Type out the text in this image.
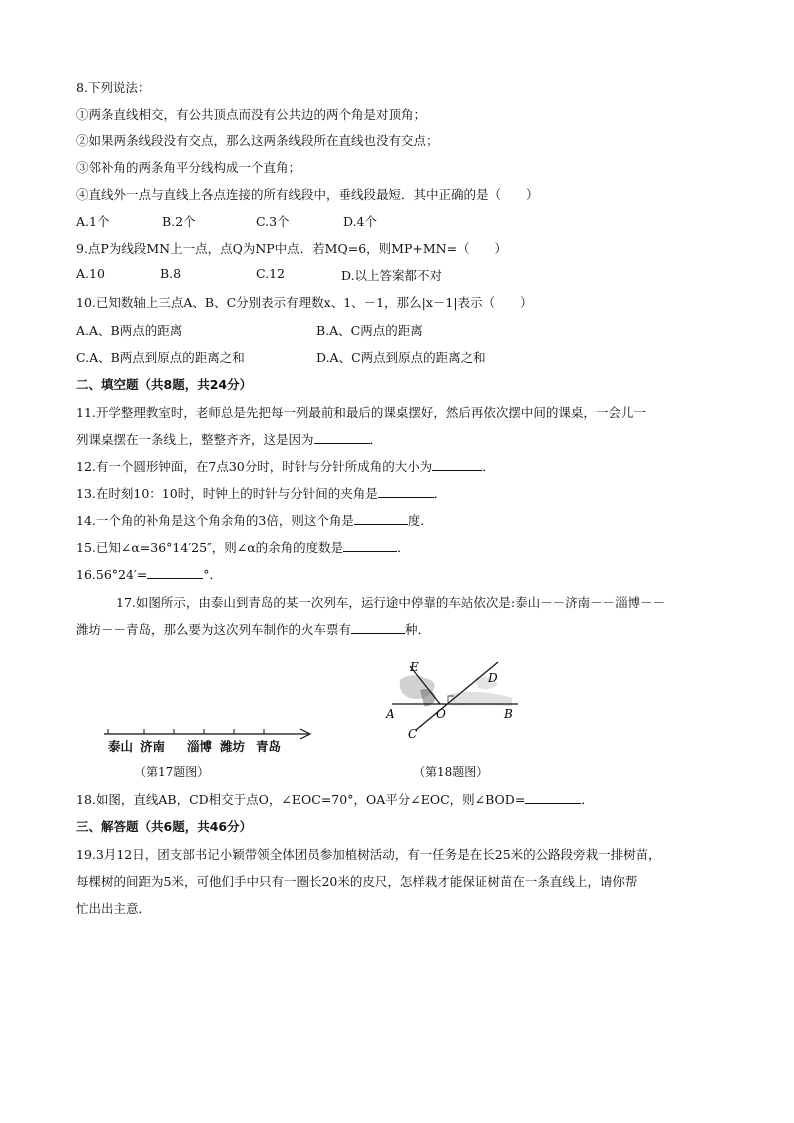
8.下列说法：
①两条直线相交，有公共顶点而没有公共边的两个角是对顶角；
②如果两条线段没有交点，那么这两条线段所在直线也没有交点；
③邻补角的两条角平分线构成一个直角；
④直线外一点与直线上各点连接的所有线段中，垂线段最短．其中正确的是（　　）
A.1个	B.2个	C.3个	D.4个
9.点P为线段MN上一点，点Q为NP中点．若MQ=6，则MP+MN=（　　）
A.10	B.8	C.12	D.以上答案都不对
10.已知数轴上三点A、B、C分别表示有理数x、1、－1，那么|x－1|表示（　　）
A.A、B两点的距离	B.A、C两点的距离
C.A、B两点到原点的距离之和	D.A、C两点到原点的距离之和
二、填空题（共8题，共24分）
11.开学整理教室时，老师总是先把每一列最前和最后的课桌摆好，然后再依次摆中间的课桌，一会儿一
列课桌摆在一条线上，整整齐齐，这是因为	．
12.有一个圆形钟面，在7点30分时，时针与分针所成角的大小为	．
13.在时刻10：10时，时钟上的时针与分针间的夹角是	．
14.一个角的补角是这个角余角的3倍，则这个角是	度．
15.已知∠α=36°14′25″，则∠α的余角的度数是	．
16.56°24′=	°．
17.如图所示，由泰山到青岛的某一次列车，运行途中停靠的车站依次是:泰山－－济南－－淄博－－
潍坊－－青岛，那么要为这次列车制作的火车票有	种．
泰山 济南 淄博 潍坊 青岛
（第17题图）
E
D
A	O	B
C
（第18题图）
18.如图，直线AB，CD相交于点O，∠EOC=70°，OA平分∠EOC，则∠BOD=	．
三、解答题（共6题，共46分）
19.3月12日，团支部书记小颖带领全体团员参加植树活动，有一任务是在长25米的公路段旁栽一排树苗，
每棵树的间距为5米，可他们手中只有一圈长20米的皮尺，怎样栽才能保证树苗在一条直线上，请你帮
忙出出主意．
